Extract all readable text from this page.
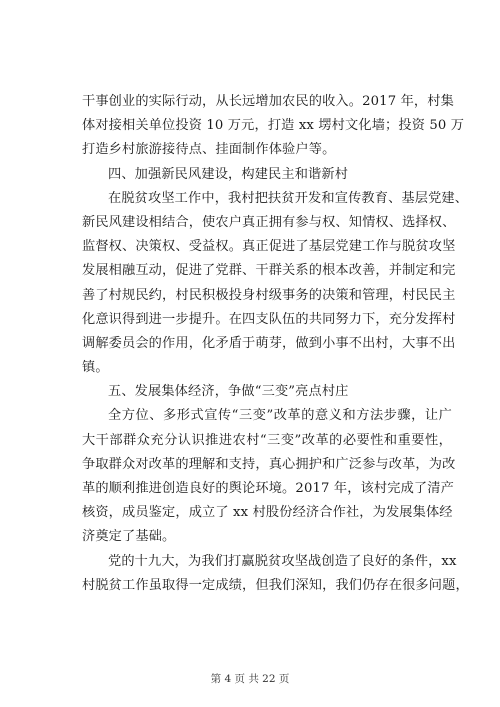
干事创业的实际行动，从长远增加农民的收入。2017 年，村集
体对接相关单位投资 10 万元，打造 xx 塄村文化墙；投资 50 万
打造乡村旅游接待点、挂面制作体验户等。
四、加强新民风建设，构建民主和谐新村
在脱贫攻坚工作中，我村把扶贫开发和宣传教育、基层党建、
新民风建设相结合，使农户真正拥有参与权、知情权、选择权、
监督权、决策权、受益权。真正促进了基层党建工作与脱贫攻坚
发展相融互动，促进了党群、干群关系的根本改善，并制定和完
善了村规民约，村民积极投身村级事务的决策和管理，村民民主
化意识得到进一步提升。在四支队伍的共同努力下，充分发挥村
调解委员会的作用，化矛盾于萌芽，做到小事不出村，大事不出
镇。
五、发展集体经济，争做“三变”亮点村庄
全方位、多形式宣传“三变”改革的意义和方法步骤，让广
大干部群众充分认识推进农村“三变”改革的必要性和重要性，
争取群众对改革的理解和支持，真心拥护和广泛参与改革，为改
革的顺利推进创造良好的舆论环境。2017 年，该村完成了清产
核资，成员鉴定，成立了 xx 村股份经济合作社，为发展集体经
济奠定了基础。
党的十九大，为我们打赢脱贫攻坚战创造了良好的条件，xx
村脱贫工作虽取得一定成绩，但我们深知，我们仍存在很多问题，
第 4 页 共 22 页
